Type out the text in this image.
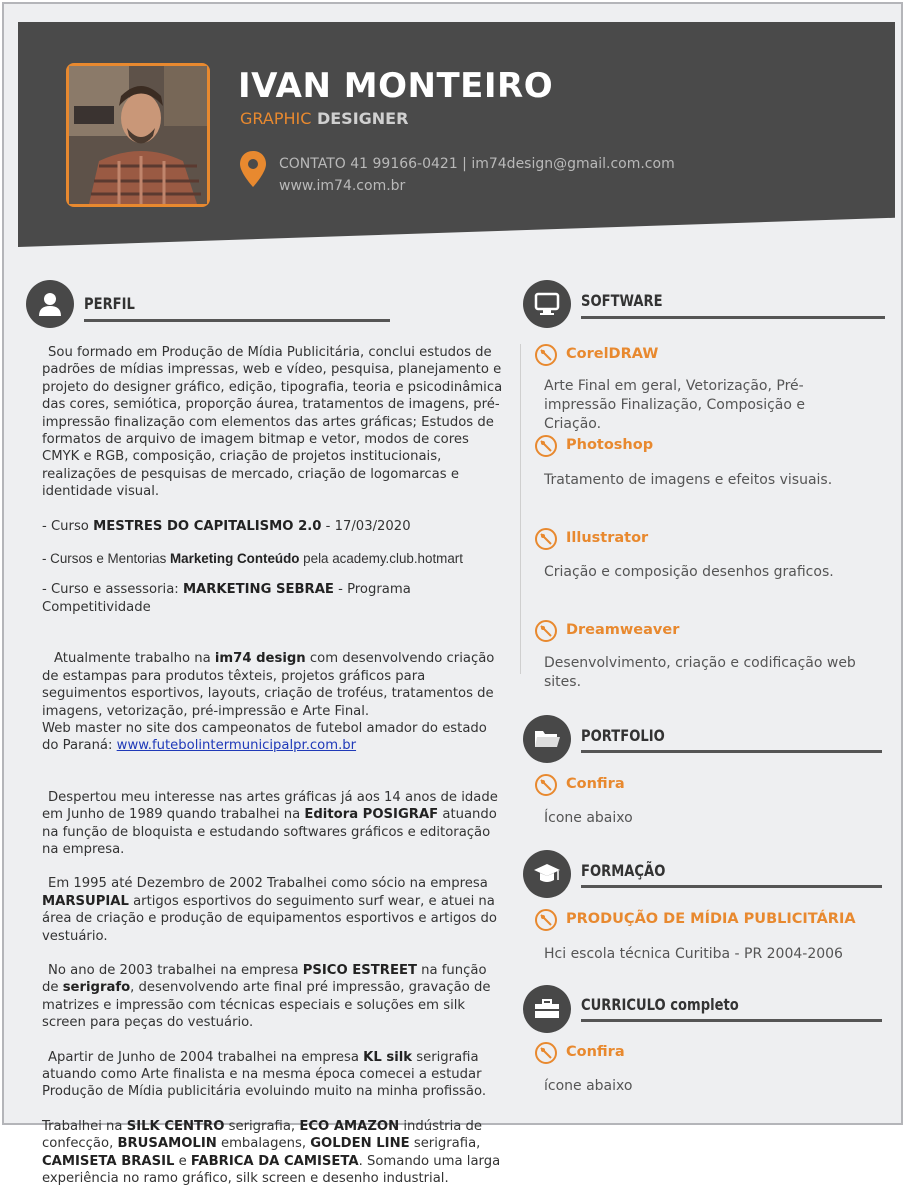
IVAN MONTEIRO
GRAPHIC DESIGNER
CONTATO 41 99166-0421 | im74design@gmail.com.com
www.im74.com.br
PERFIL

Sou formado em Produção de Mídia Publicitária, conclui estudos de padrões de mídias impressas, web e vídeo, pesquisa, planejamento e projeto do designer gráfico, edição, tipografia, teoria e psicodinâmica das cores, semiótica, proporção áurea, tratamentos de imagens, pré-impressão finalização com elementos das artes gráficas; Estudos de formatos de arquivo de imagem bitmap e vetor, modos de cores CMYK e RGB, composição, criação de projetos institucionais, realizações de pesquisas de mercado, criação de logomarcas e identidade visual.

- Curso MESTRES DO CAPITALISMO 2.0 - 17/03/2020

- Cursos e Mentorias Marketing Conteúdo pela academy.club.hotmart

- Curso e assessoria: MARKETING SEBRAE - Programa Competitividade

Atualmente trabalho na im74 design com desenvolvendo criação de estampas para produtos têxteis, projetos gráficos para seguimentos esportivos, layouts, criação de troféus, tratamentos de imagens, vetorização, pré-impressão e Arte Final.

Web master no site dos campeonatos de futebol amador do estado do Paraná: www.futebolintermunicipalpr.com.br

Despertou meu interesse nas artes gráficas já aos 14 anos de idade em Junho de 1989 quando trabalhei na Editora POSIGRAF atuando na função de bloquista e estudando softwares gráficos e editoração na empresa.

Em 1995 até Dezembro de 2002 Trabalhei como sócio na empresa MARSUPIAL artigos esportivos do seguimento surf wear, e atuei na área de criação e produção de equipamentos esportivos e artigos do vestuário.

No ano de 2003 trabalhei na empresa PSICO ESTREET na função de serigrafo, desenvolvendo arte final pré impressão, gravação de matrizes e impressão com técnicas especiais e soluções em silk screen para peças do vestuário.

Apartir de Junho de 2004 trabalhei na empresa KL silk serigrafia atuando como Arte finalista e na mesma época comecei a estudar Produção de Mídia publicitária evoluindo muito na minha profissão.

Trabalhei na SILK CENTRO serigrafia, ECO AMAZON indústria de confecção, BRUSAMOLIN embalagens, GOLDEN LINE serigrafia, CAMISETA BRASIL e FABRICA DA CAMISETA. Somando uma larga experiência no ramo gráfico, silk screen e desenho industrial.

SOFTWARE
CorelDRAW
Arte Final em geral, Vetorização, Pré-impressão Finalização, Composição e Criação.
Photoshop
Tratamento de imagens e efeitos visuais.
Illustrator
Criação e composição desenhos graficos.
Dreamweaver
Desenvolvimento, criação e codificação web sites.
PORTFOLIO
Confira
Ícone abaixo
FORMAÇÃO
PRODUÇÃO DE MÍDIA PUBLICITÁRIA
Hci escola técnica Curitiba - PR 2004-2006
CURRICULO completo
Confira
ícone abaixo
